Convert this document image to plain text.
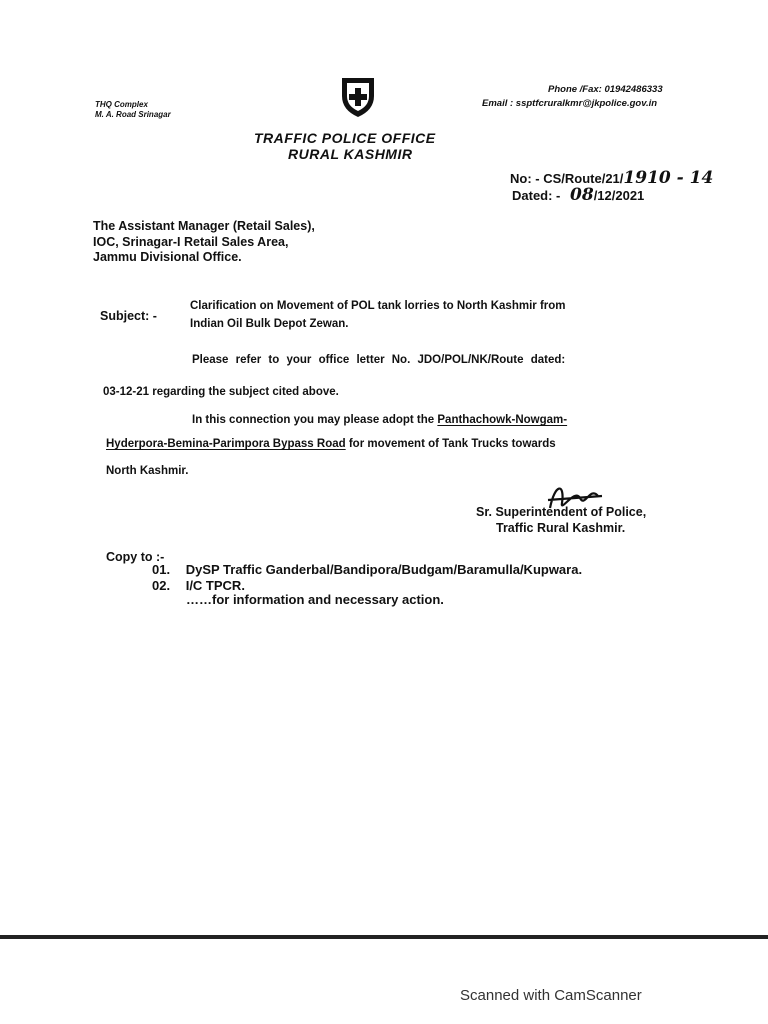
THQ Complex
M. A. Road Srinagar
Phone /Fax: 01942486333
Email : ssptfcruralkmr@jkpolice.gov.in
TRAFFIC POLICE OFFICE
RURAL KASHMIR
No: - CS/Route/21/1910 - 14
Dated: - 08/12/2021
The Assistant Manager (Retail Sales),
IOC, Srinagar-I Retail Sales Area,
Jammu Divisional Office.
Subject: -
Clarification on Movement of POL tank lorries to North Kashmir from
Indian Oil Bulk Depot Zewan.
Please refer to your office letter No. JDO/POL/NK/Route dated:
03-12-21 regarding the subject cited above.
In this connection you may please adopt the Panthachowk-Nowgam-
Hyderpora-Bemina-Parimpora Bypass Road for movement of Tank Trucks towards
North Kashmir.
Sr. Superintendent of Police,
Traffic Rural Kashmir.
Copy to :-
01. DySP Traffic Ganderbal/Bandipora/Budgam/Baramulla/Kupwara.
02. I/C TPCR.
……for information and necessary action.
Scanned with CamScanner
